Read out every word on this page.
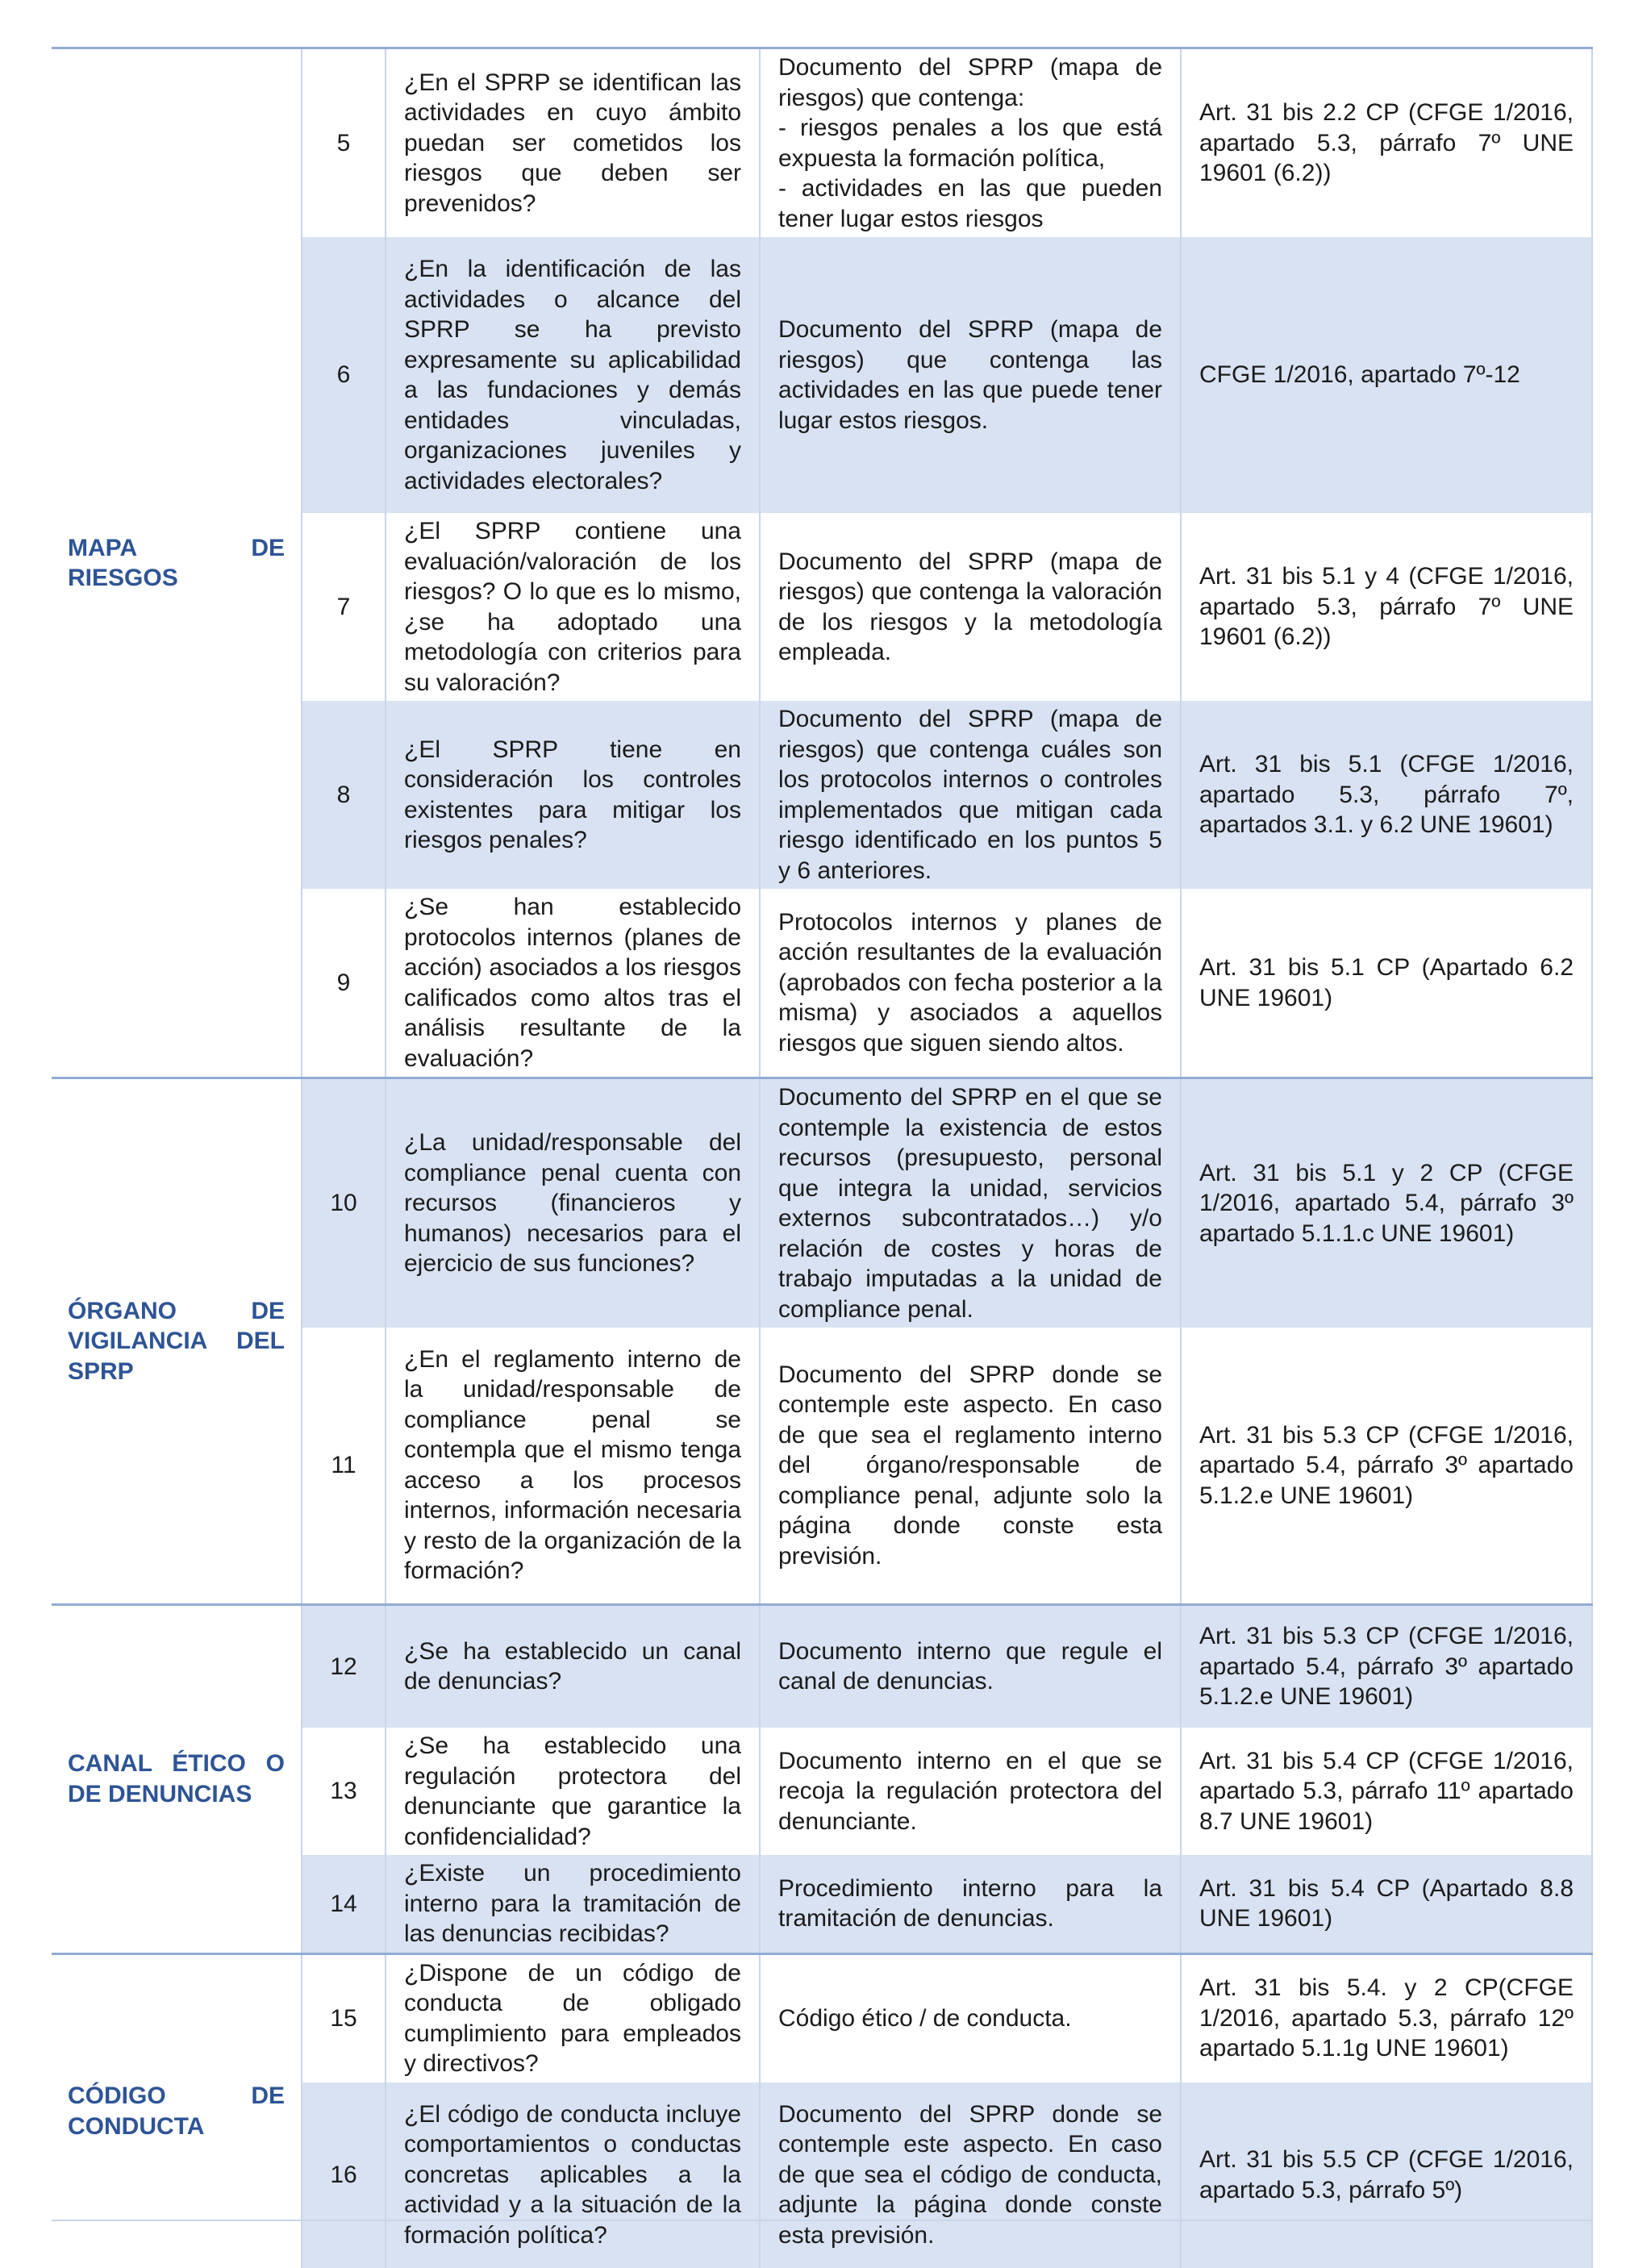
MAPA DE RIESGOS	5	¿En el SPRP se identifican las actividades en cuyo ámbito puedan ser cometidos los riesgos que deben ser prevenidos?	Documento del SPRP (mapa de riesgos) que contenga:
- riesgos penales a los que está expuesta la formación política,
- actividades en las que pueden tener lugar estos riesgos	Art. 31 bis 2.2 CP (CFGE 1/2016, apartado 5.3, párrafo 7º UNE 19601 (6.2))
	6	¿En la identificación de las actividades o alcance del SPRP se ha previsto expresamente su aplicabilidad a las fundaciones y demás entidades vinculadas, organizaciones juveniles y actividades electorales?	Documento del SPRP (mapa de riesgos) que contenga las actividades en las que puede tener lugar estos riesgos.	CFGE 1/2016, apartado 7º-12
	7	¿El SPRP contiene una evaluación/valoración de los riesgos? O lo que es lo mismo, ¿se ha adoptado una metodología con criterios para su valoración?	Documento del SPRP (mapa de riesgos) que contenga la valoración de los riesgos y la metodología empleada.	Art. 31 bis 5.1 y 4 (CFGE 1/2016, apartado 5.3, párrafo 7º UNE 19601 (6.2))
	8	¿El SPRP tiene en consideración los controles existentes para mitigar los riesgos penales?	Documento del SPRP (mapa de riesgos) que contenga cuáles son los protocolos internos o controles implementados que mitigan cada riesgo identificado en los puntos 5 y 6 anteriores.	Art. 31 bis 5.1 (CFGE 1/2016, apartado 5.3, párrafo 7º, apartados 3.1. y 6.2 UNE 19601)
	9	¿Se han establecido protocolos internos (planes de acción) asociados a los riesgos calificados como altos tras el análisis resultante de la evaluación?	Protocolos internos y planes de acción resultantes de la evaluación (aprobados con fecha posterior a la misma) y asociados a aquellos riesgos que siguen siendo altos.	Art. 31 bis 5.1 CP (Apartado 6.2 UNE 19601)
ÓRGANO DE VIGILANCIA DEL SPRP	10	¿La unidad/responsable del compliance penal cuenta con recursos (financieros y humanos) necesarios para el ejercicio de sus funciones?	Documento del SPRP en el que se contemple la existencia de estos recursos (presupuesto, personal que integra la unidad, servicios externos subcontratados…) y/o relación de costes y horas de trabajo imputadas a la unidad de compliance penal.	Art. 31 bis 5.1 y 2 CP (CFGE 1/2016, apartado 5.4, párrafo 3º apartado 5.1.1.c UNE 19601)
	11	¿En el reglamento interno de la unidad/responsable de compliance penal se contempla que el mismo tenga acceso a los procesos internos, información necesaria y resto de la organización de la formación?	Documento del SPRP donde se contemple este aspecto. En caso de que sea el reglamento interno del órgano/responsable de compliance penal, adjunte solo la página donde conste esta previsión.	Art. 31 bis 5.3 CP (CFGE 1/2016, apartado 5.4, párrafo 3º apartado 5.1.2.e UNE 19601)
CANAL ÉTICO O DE DENUNCIAS	12	¿Se ha establecido un canal de denuncias?	Documento interno que regule el canal de denuncias.	Art. 31 bis 5.3 CP (CFGE 1/2016, apartado 5.4, párrafo 3º apartado 5.1.2.e UNE 19601)
	13	¿Se ha establecido una regulación protectora del denunciante que garantice la confidencialidad?	Documento interno en el que se recoja la regulación protectora del denunciante.	Art. 31 bis 5.4 CP (CFGE 1/2016, apartado 5.3, párrafo 11º apartado 8.7 UNE 19601)
	14	¿Existe un procedimiento interno para la tramitación de las denuncias recibidas?	Procedimiento interno para la tramitación de denuncias.	Art. 31 bis 5.4 CP (Apartado 8.8 UNE 19601)
CÓDIGO DE CONDUCTA	15	¿Dispone de un código de conducta de obligado cumplimiento para empleados y directivos?	Código ético / de conducta.	Art. 31 bis 5.4. y 2 CP(CFGE 1/2016, apartado 5.3, párrafo 12º apartado 5.1.1g UNE 19601)
	16	¿El código de conducta incluye comportamientos o conductas concretas aplicables a la actividad y a la situación de la formación política?	Documento del SPRP donde se contemple este aspecto. En caso de que sea el código de conducta, adjunte la página donde conste esta previsión.	Art. 31 bis 5.5 CP (CFGE 1/2016, apartado 5.3, párrafo 5º)
